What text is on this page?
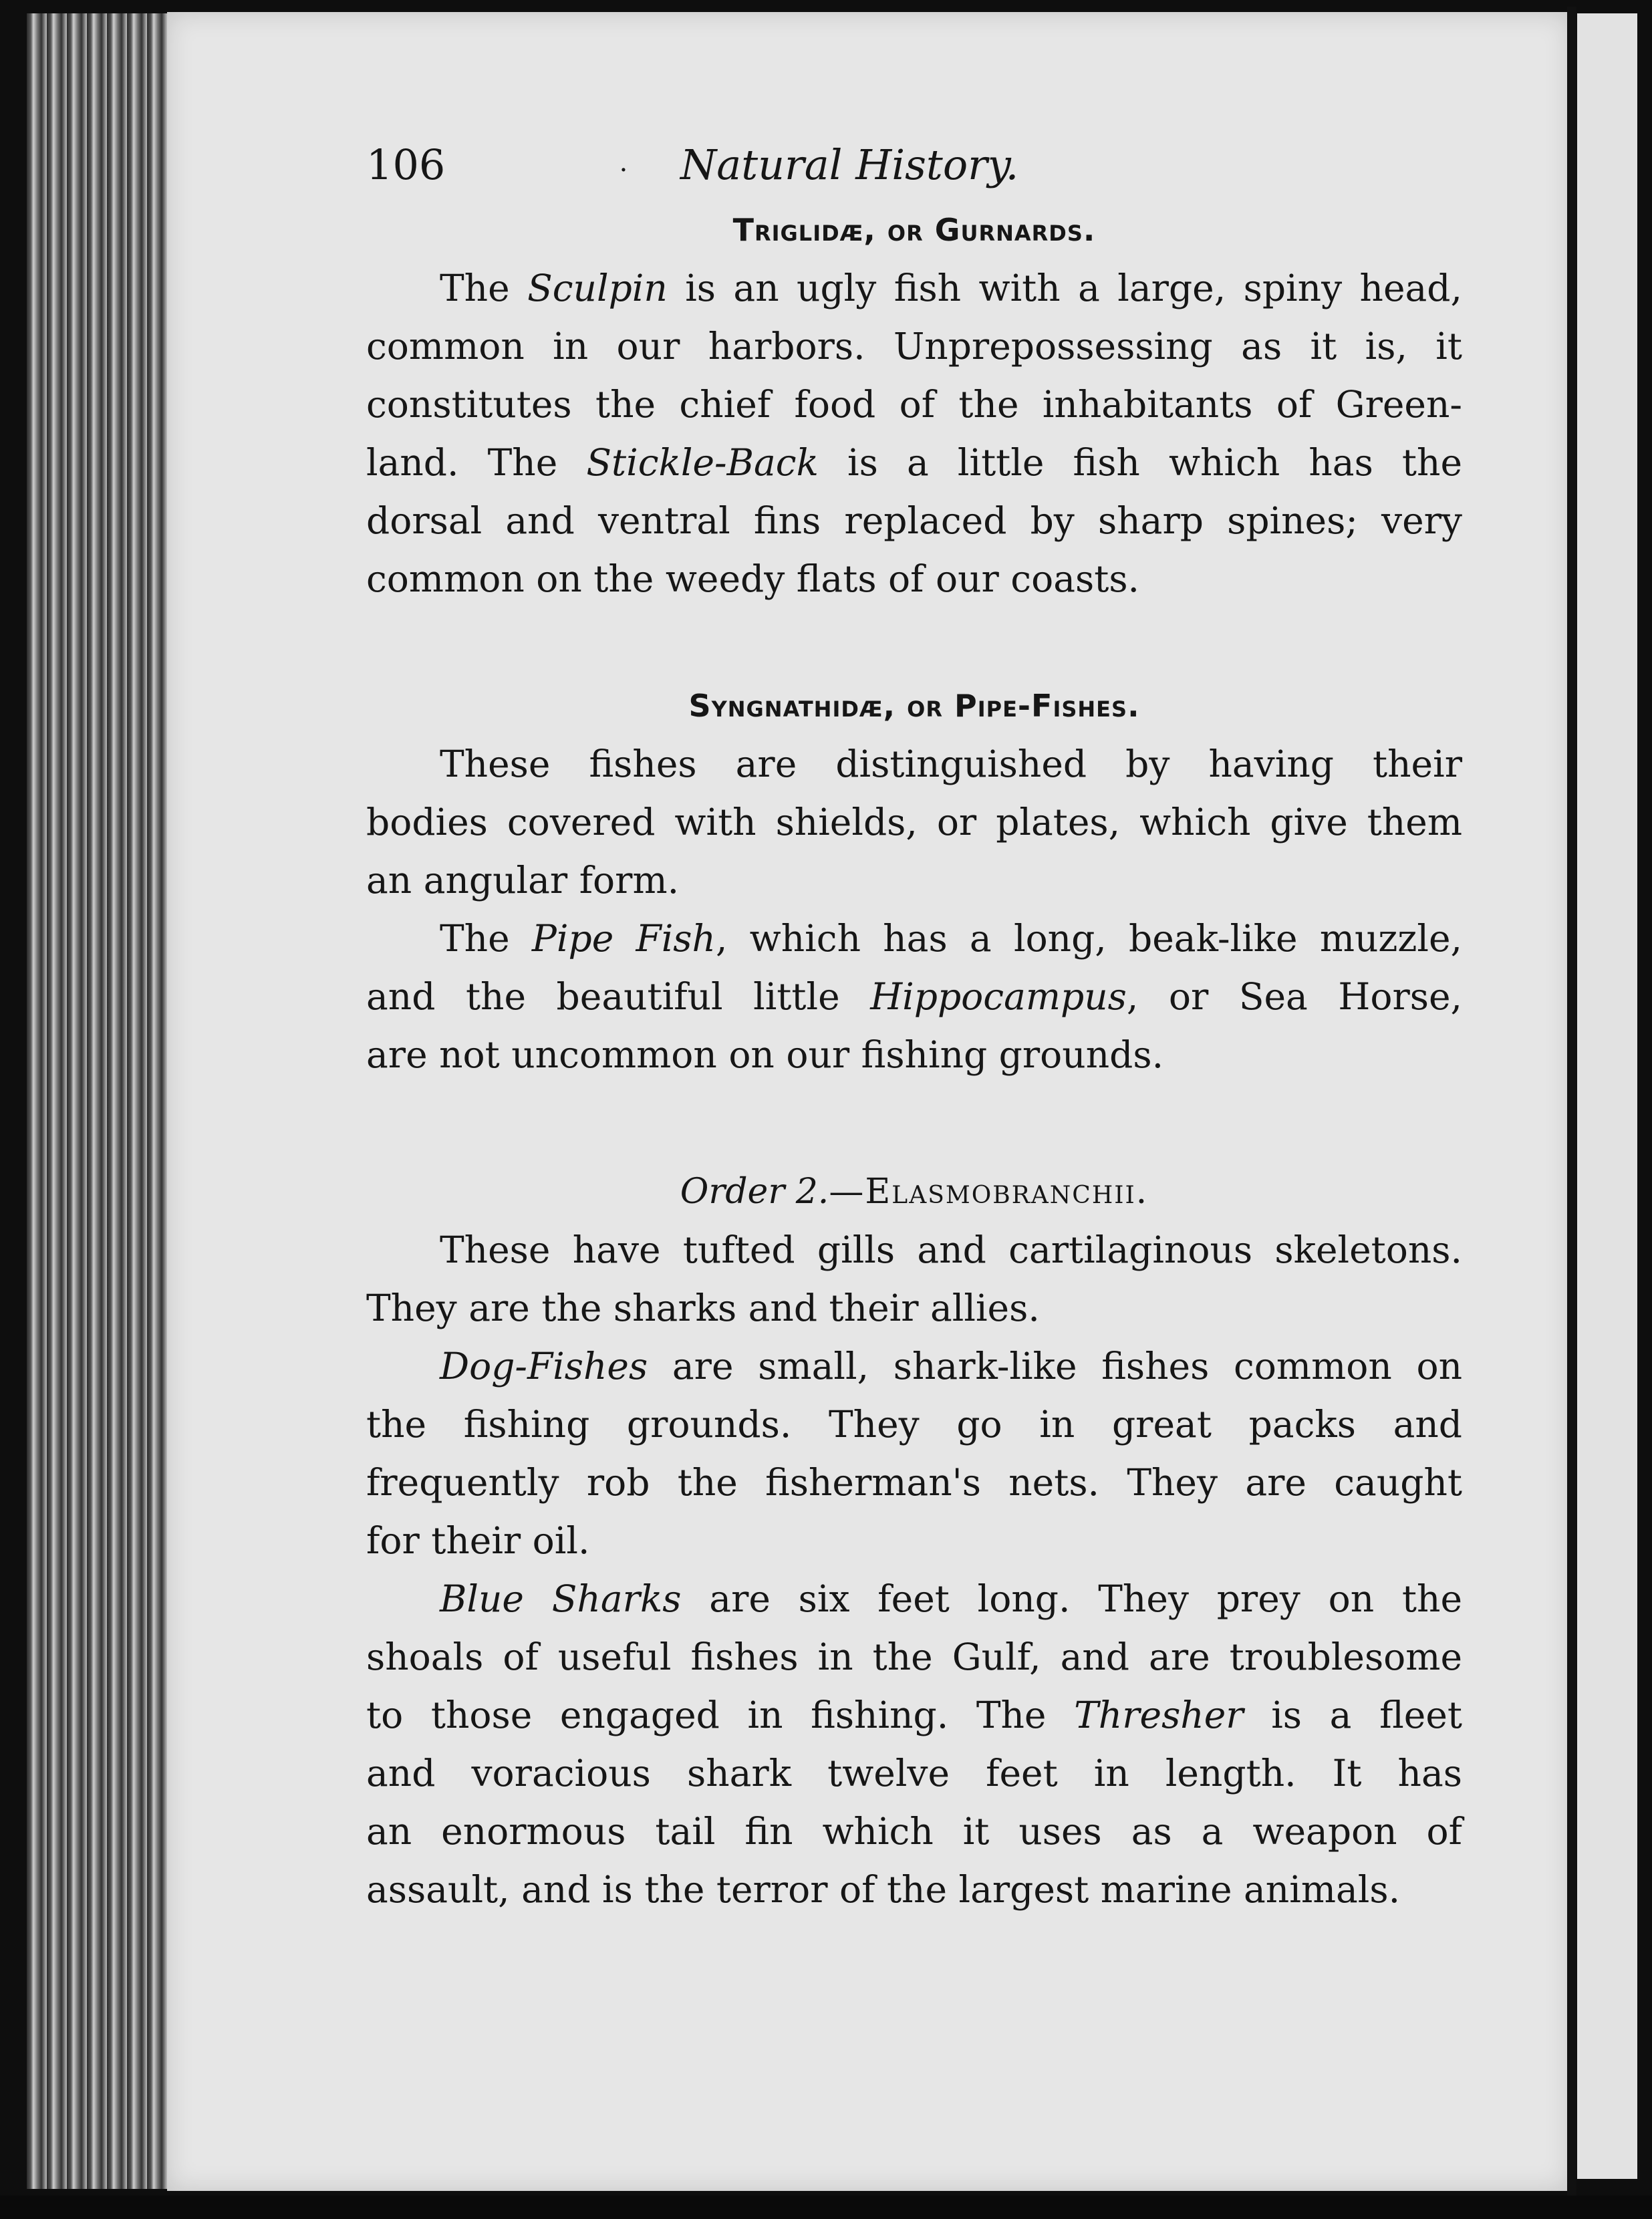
106	·	Natural History.
Triglidæ, or Gurnards.
The Sculpin is an ugly fish with a large, spiny head,
common in our harbors. Unprepossessing as it is, it
constitutes the chief food of the inhabitants of Green-
land. The Stickle-Back is a little fish which has the
dorsal and ventral fins replaced by sharp spines; very
common on the weedy flats of our coasts.
Syngnathidæ, or Pipe-Fishes.
These fishes are distinguished by having their
bodies covered with shields, or plates, which give them
an angular form.
The Pipe Fish, which has a long, beak-like muzzle,
and the beautiful little Hippocampus, or Sea Horse,
are not uncommon on our fishing grounds.
Order 2.—Elasmobranchii.
These have tufted gills and cartilaginous skeletons.
They are the sharks and their allies.
Dog-Fishes are small, shark-like fishes common on
the fishing grounds. They go in great packs and
frequently rob the fisherman's nets. They are caught
for their oil.
Blue Sharks are six feet long. They prey on the
shoals of useful fishes in the Gulf, and are troublesome
to those engaged in fishing. The Thresher is a fleet
and voracious shark twelve feet in length. It has
an enormous tail fin which it uses as a weapon of
assault, and is the terror of the largest marine animals.
